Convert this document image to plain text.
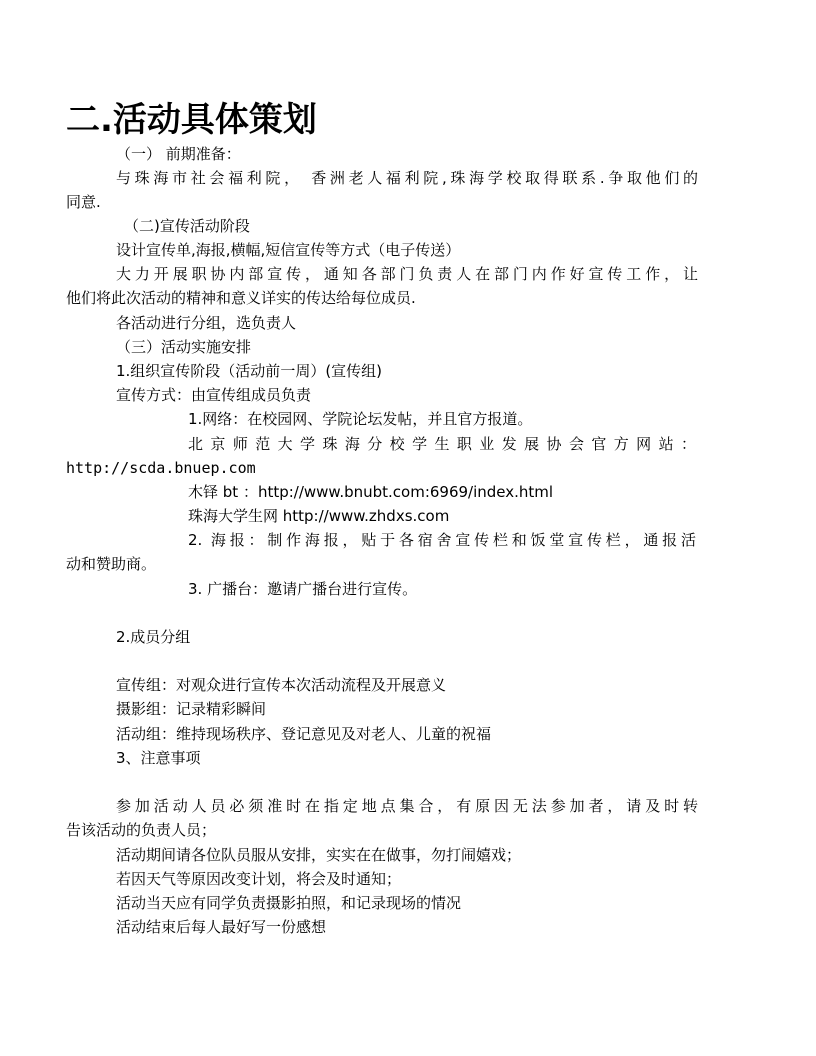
二.活动具体策划
（一） 前期准备：
与珠海市社会福利院， 香洲老人福利院,珠海学校取得联系.争取他们的
同意.
（二)宣传活动阶段
设计宣传单,海报,横幅,短信宣传等方式（电子传送）
大力开展职协内部宣传，通知各部门负责人在部门内作好宣传工作，让
他们将此次活动的精神和意义详实的传达给每位成员.
各活动进行分组，选负责人
（三）活动实施安排
1.组织宣传阶段（活动前一周）(宣传组)
宣传方式：由宣传组成员负责
1.网络：在校园网、学院论坛发帖，并且官方报道。
北京师范大学珠海分校学生职业发展协会官方网站：
http://scda.bnuep.com
木铎 bt ：http://www.bnubt.com:6969/index.html
珠海大学生网 http://www.zhdxs.com
2. 海报：制作海报，贴于各宿舍宣传栏和饭堂宣传栏，通报活
动和赞助商。
3. 广播台：邀请广播台进行宣传。
2.成员分组
宣传组：对观众进行宣传本次活动流程及开展意义
摄影组：记录精彩瞬间
活动组：维持现场秩序、登记意见及对老人、儿童的祝福
3、注意事项
参加活动人员必须准时在指定地点集合，有原因无法参加者，请及时转
告该活动的负责人员；
活动期间请各位队员服从安排，实实在在做事，勿打闹嬉戏；
若因天气等原因改变计划，将会及时通知；
活动当天应有同学负责摄影拍照，和记录现场的情况
活动结束后每人最好写一份感想
